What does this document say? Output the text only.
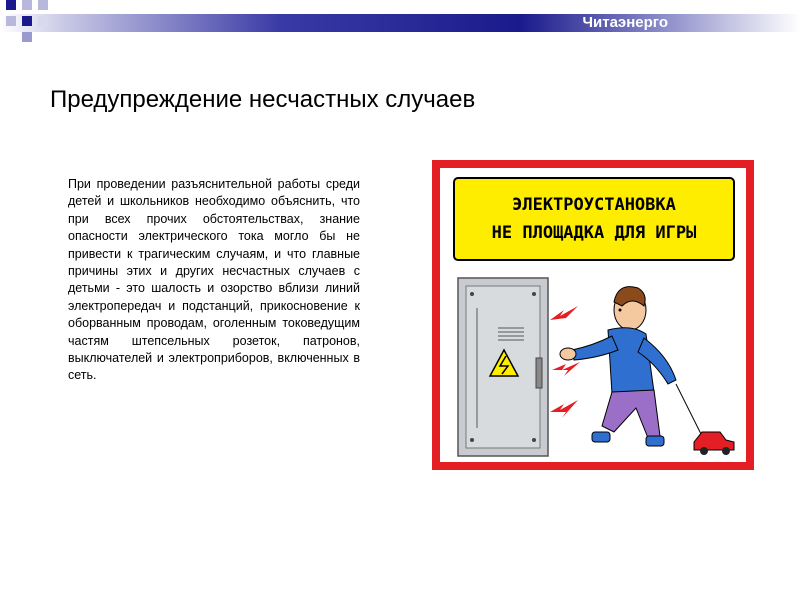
Читаэнерго
Предупреждение несчастных случаев

При проведении разъяснительной работы среди детей и школьников необходимо объяснить, что при всех прочих обстоятельствах, знание опасности электрического тока могло бы не привести к трагическим случаям, и что главные причины этих и других несчастных случаев с детьми - это шалость и озорство вблизи линий электропередач и подстанций, прикосновение к оборванным проводам, оголенным токоведущим частям штепсельных розеток, патронов, выключателей и электроприборов, включенных в сеть.

ЭЛЕКТРОУСТАНОВКА
НЕ ПЛОЩАДКА ДЛЯ ИГРЫ
